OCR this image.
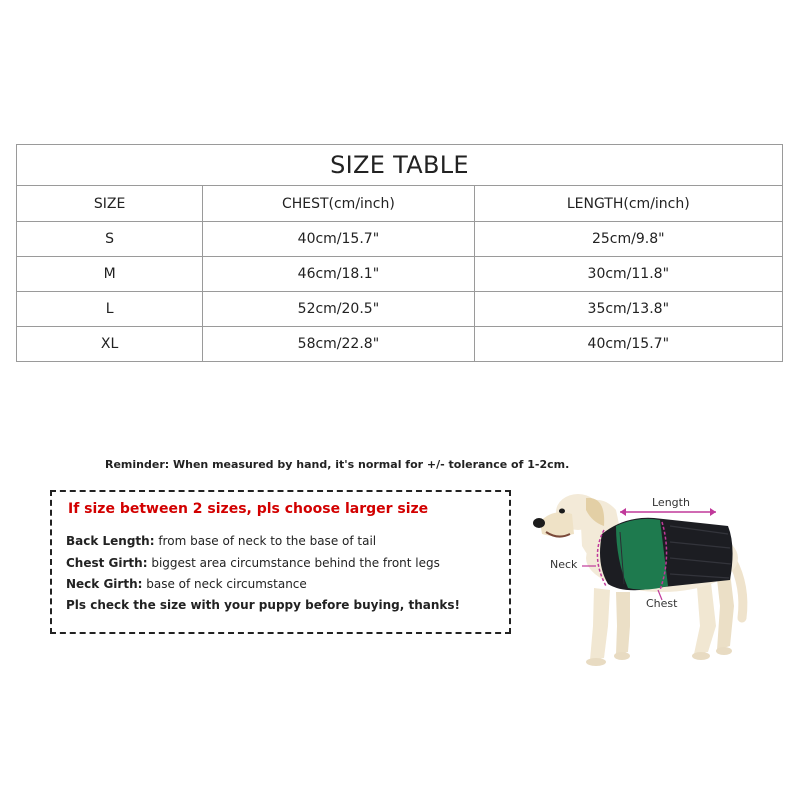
SIZE TABLE		
SIZE	CHEST(cm/inch)	LENGTH(cm/inch)
S	40cm/15.7"	25cm/9.8"
M	46cm/18.1"	30cm/11.8"
L	52cm/20.5"	35cm/13.8"
XL	58cm/22.8"	40cm/15.7"
Reminder: When measured by hand, it's normal for +/- tolerance of 1-2cm.
If size between 2 sizes, pls choose larger size
Back Length: from base of neck to the base of tail
Chest Girth: biggest area circumstance behind the front legs
Neck Girth: base of neck circumstance
Pls check the size with your puppy before buying, thanks!
Length
Neck
Chest
